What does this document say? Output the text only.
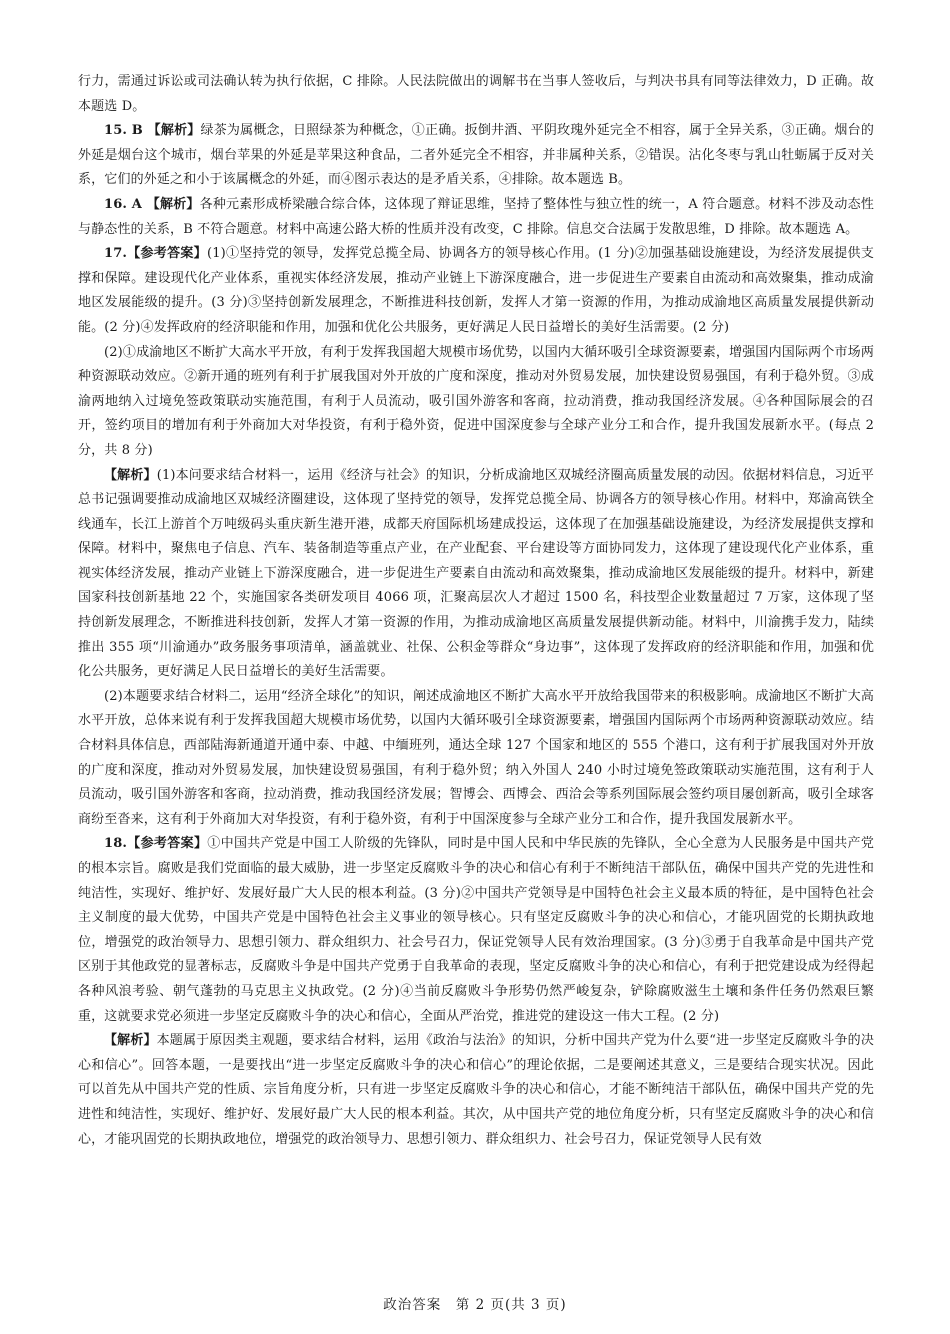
行力，需通过诉讼或司法确认转为执行依据，C 排除。人民法院做出的调解书在当事人签收后，与判决书具有同等法律效力，D 正确。故本题选 D。

15. B 【解析】绿茶为属概念，日照绿茶为种概念，①正确。扳倒井酒、平阴玫瑰外延完全不相容，属于全异关系，③正确。烟台的外延是烟台这个城市，烟台苹果的外延是苹果这种食品，二者外延完全不相容，并非属种关系，②错误。沾化冬枣与乳山牡蛎属于反对关系，它们的外延之和小于该属概念的外延，而④图示表达的是矛盾关系，④排除。故本题选 B。

16. A 【解析】各种元素形成桥梁融合综合体，这体现了辩证思维，坚持了整体性与独立性的统一，A 符合题意。材料不涉及动态性与静态性的关系，B 不符合题意。材料中高速公路大桥的性质并没有改变，C 排除。信息交合法属于发散思维，D 排除。故本题选 A。

17.【参考答案】(1)①坚持党的领导，发挥党总揽全局、协调各方的领导核心作用。(1 分)②加强基础设施建设，为经济发展提供支撑和保障。建设现代化产业体系，重视实体经济发展，推动产业链上下游深度融合，进一步促进生产要素自由流动和高效聚集，推动成渝地区发展能级的提升。(3 分)③坚持创新发展理念，不断推进科技创新，发挥人才第一资源的作用，为推动成渝地区高质量发展提供新动能。(2 分)④发挥政府的经济职能和作用，加强和优化公共服务，更好满足人民日益增长的美好生活需要。(2 分)

(2)①成渝地区不断扩大高水平开放，有利于发挥我国超大规模市场优势，以国内大循环吸引全球资源要素，增强国内国际两个市场两种资源联动效应。②新开通的班列有利于扩展我国对外开放的广度和深度，推动对外贸易发展，加快建设贸易强国，有利于稳外贸。③成渝两地纳入过境免签政策联动实施范围，有利于人员流动，吸引国外游客和客商，拉动消费，推动我国经济发展。④各种国际展会的召开，签约项目的增加有利于外商加大对华投资，有利于稳外资，促进中国深度参与全球产业分工和合作，提升我国发展新水平。(每点 2 分，共 8 分)

【解析】(1)本问要求结合材料一，运用《经济与社会》的知识，分析成渝地区双城经济圈高质量发展的动因。依据材料信息，习近平总书记强调要推动成渝地区双城经济圈建设，这体现了坚持党的领导，发挥党总揽全局、协调各方的领导核心作用。材料中，郑渝高铁全线通车，长江上游首个万吨级码头重庆新生港开港，成都天府国际机场建成投运，这体现了在加强基础设施建设，为经济发展提供支撑和保障。材料中，聚焦电子信息、汽车、装备制造等重点产业，在产业配套、平台建设等方面协同发力，这体现了建设现代化产业体系，重视实体经济发展，推动产业链上下游深度融合，进一步促进生产要素自由流动和高效聚集，推动成渝地区发展能级的提升。材料中，新建国家科技创新基地 22 个，实施国家各类研发项目 4066 项，汇聚高层次人才超过 1500 名，科技型企业数量超过 7 万家，这体现了坚持创新发展理念，不断推进科技创新，发挥人才第一资源的作用，为推动成渝地区高质量发展提供新动能。材料中，川渝携手发力，陆续推出 355 项“川渝通办”政务服务事项清单，涵盖就业、社保、公积金等群众“身边事”，这体现了发挥政府的经济职能和作用，加强和优化公共服务，更好满足人民日益增长的美好生活需要。

(2)本题要求结合材料二，运用“经济全球化”的知识，阐述成渝地区不断扩大高水平开放给我国带来的积极影响。成渝地区不断扩大高水平开放，总体来说有利于发挥我国超大规模市场优势，以国内大循环吸引全球资源要素，增强国内国际两个市场两种资源联动效应。结合材料具体信息，西部陆海新通道开通中泰、中越、中缅班列，通达全球 127 个国家和地区的 555 个港口，这有利于扩展我国对外开放的广度和深度，推动对外贸易发展，加快建设贸易强国，有利于稳外贸；纳入外国人 240 小时过境免签政策联动实施范围，这有利于人员流动，吸引国外游客和客商，拉动消费，推动我国经济发展；智博会、西博会、西洽会等系列国际展会签约项目屡创新高，吸引全球客商纷至沓来，这有利于外商加大对华投资，有利于稳外资，有利于中国深度参与全球产业分工和合作，提升我国发展新水平。

18.【参考答案】①中国共产党是中国工人阶级的先锋队，同时是中国人民和中华民族的先锋队，全心全意为人民服务是中国共产党的根本宗旨。腐败是我们党面临的最大威胁，进一步坚定反腐败斗争的决心和信心有利于不断纯洁干部队伍，确保中国共产党的先进性和纯洁性，实现好、维护好、发展好最广大人民的根本利益。(3 分)②中国共产党领导是中国特色社会主义最本质的特征，是中国特色社会主义制度的最大优势，中国共产党是中国特色社会主义事业的领导核心。只有坚定反腐败斗争的决心和信心，才能巩固党的长期执政地位，增强党的政治领导力、思想引领力、群众组织力、社会号召力，保证党领导人民有效治理国家。(3 分)③勇于自我革命是中国共产党区别于其他政党的显著标志，反腐败斗争是中国共产党勇于自我革命的表现，坚定反腐败斗争的决心和信心，有利于把党建设成为经得起各种风浪考验、朝气蓬勃的马克思主义执政党。(2 分)④当前反腐败斗争形势仍然严峻复杂，铲除腐败滋生土壤和条件任务仍然艰巨繁重，这就要求党必须进一步坚定反腐败斗争的决心和信心，全面从严治党，推进党的建设这一伟大工程。(2 分)

【解析】本题属于原因类主观题，要求结合材料，运用《政治与法治》的知识，分析中国共产党为什么要“进一步坚定反腐败斗争的决心和信心”。回答本题，一是要找出“进一步坚定反腐败斗争的决心和信心”的理论依据，二是要阐述其意义，三是要结合现实状况。因此可以首先从中国共产党的性质、宗旨角度分析，只有进一步坚定反腐败斗争的决心和信心，才能不断纯洁干部队伍，确保中国共产党的先进性和纯洁性，实现好、维护好、发展好最广大人民的根本利益。其次，从中国共产党的地位角度分析，只有坚定反腐败斗争的决心和信心，才能巩固党的长期执政地位，增强党的政治领导力、思想引领力、群众组织力、社会号召力，保证党领导人民有效

政治答案　第 2 页(共 3 页)
